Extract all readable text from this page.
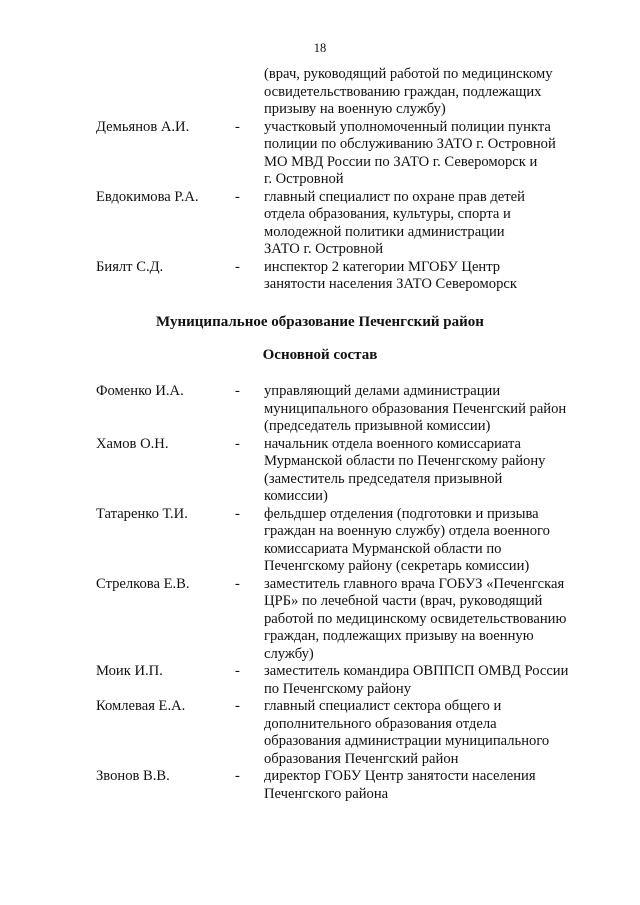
18
(врач, руководящий работой по медицинскому
освидетельствованию граждан, подлежащих
призыву на военную службу)
Демьянов А.И.	- участковый уполномоченный полиции пункта
полиции по обслуживанию ЗАТО г. Островной
МО МВД России по ЗАТО г. Североморск и
г. Островной
Евдокимова Р.А. - главный специалист по охране прав детей
отдела образования, культуры, спорта и
молодежной политики администрации
ЗАТО г. Островной
Биялт С.Д.	- инспектор 2 категории МГОБУ Центр
занятости населения ЗАТО Североморск
Муниципальное образование Печенгский район
Основной состав
Фоменко И.А.	- управляющий делами администрации
муниципального образования Печенгский район
(председатель призывной комиссии)
Хамов О.Н.	- начальник отдела военного комиссариата
Мурманской области по Печенгскому району
(заместитель председателя призывной
комиссии)
Татаренко Т.И.	- фельдшер отделения (подготовки и призыва
граждан на военную службу) отдела военного
комиссариата Мурманской области по
Печенгскому району (секретарь комиссии)
Стрелкова Е.В.	- заместитель главного врача ГОБУЗ «Печенгская
ЦРБ» по лечебной части (врач, руководящий
работой по медицинскому освидетельствованию
граждан, подлежащих призыву на военную
службу)
Моик И.П.	- заместитель командира ОВППСП ОМВД России
по Печенгскому району
Комлевая Е.А.	- главный специалист сектора общего и
дополнительного образования отдела
образования администрации муниципального
образования Печенгский район
Звонов В.В.	- директор ГОБУ Центр занятости населения
Печенгского района
